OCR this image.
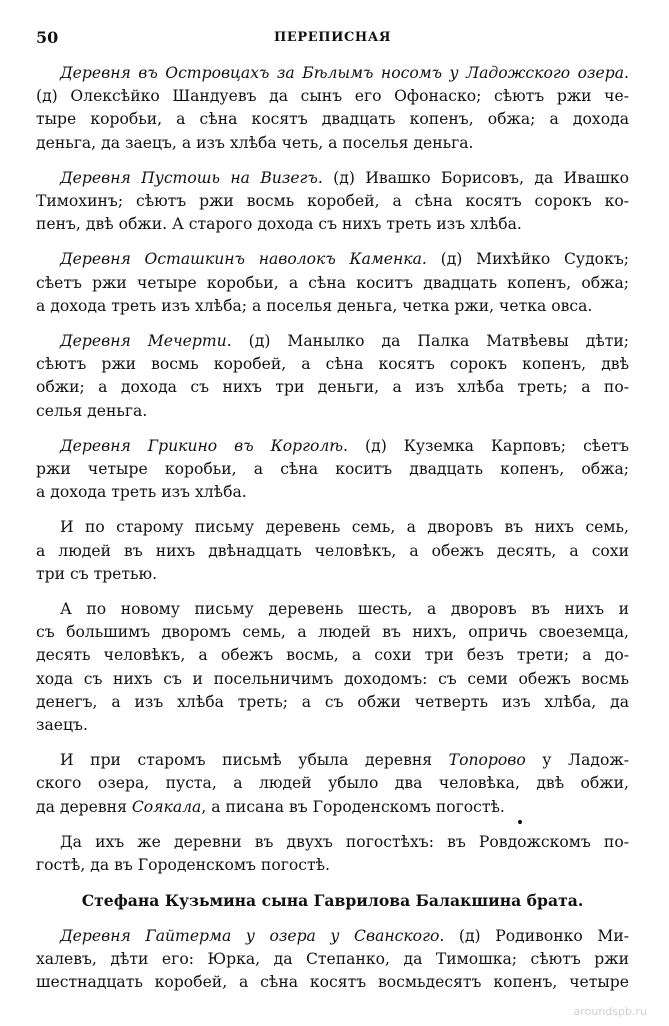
50	ПЕРЕПИСНАЯ
Деревня въ Островцахъ за Бѣлымъ носомъ у Ладожского озера.
(д) Олексѣйко Шандуевъ да сынъ его Офонаско; сѣютъ ржи че-
тыре коробьи, а сѣна косятъ двадцать копенъ, обжа; а дохода
деньга, да заецъ, а изъ хлѣба четь, а поселья деньга.
Деревня Пустошь на Визегъ. (д) Ивашко Борисовъ, да Ивашко
Тимохинъ; сѣютъ ржи восмь коробей, а сѣна косятъ сорокъ ко-
пенъ, двѣ обжи. А старого дохода съ нихъ треть изъ хлѣба.
Деревня Осташкинъ наволокъ Каменка. (д) Михѣйко Судокъ;
сѣетъ ржи четыре коробьи, а сѣна коситъ двадцать копенъ, обжа;
а дохода треть изъ хлѣба; а поселья деньга, четка ржи, четка овса.
Деревня Мечерти. (д) Манылко да Палка Матвѣевы дѣти;
сѣютъ ржи восмь коробей, а сѣна косятъ сорокъ копенъ, двѣ
обжи; а дохода съ нихъ три деньги, а изъ хлѣба треть; а по-
селья деньга.
Деревня Грикино въ Корголѣ. (д) Куземка Карповъ; сѣетъ
ржи четыре коробьи, а сѣна коситъ двадцать копенъ, обжа;
а дохода треть изъ хлѣба.
И по старому письму деревень семь, а дворовъ въ нихъ семь,
а людей въ нихъ двѣнадцать человѣкъ, а обежъ десять, а сохи
три съ третью.
А по новому письму деревень шесть, а дворовъ въ нихъ и
съ большимъ дворомъ семь, а людей въ нихъ, опричь своеземца,
десять человѣкъ, а обежъ восмь, а сохи три безъ трети; а до-
хода съ нихъ съ и посельничимъ доходомъ: съ семи обежъ восмь
денегъ, а изъ хлѣба треть; а съ обжи четверть изъ хлѣба, да
заецъ.
И при старомъ письмѣ убыла деревня Топорово у Ладож-
ского озера, пуста, а людей убыло два человѣка, двѣ обжи,
да деревня Соякала, а писана въ Городенскомъ погостѣ.
Да ихъ же деревни въ двухъ погостѣхъ: въ Ровдожскомъ по-
гостѣ, да въ Городенскомъ погостѣ.
Стефана Кузьмина сына Гаврилова Балакшина брата.
Деревня Гайтерма у озера у Сванского. (д) Родивонко Ми-
халевъ, дѣти его: Юрка, да Степанко, да Тимошка; сѣютъ ржи
шестнадцать коробей, а сѣна косятъ восмьдесятъ копенъ, четыре
aroundspb.ru
